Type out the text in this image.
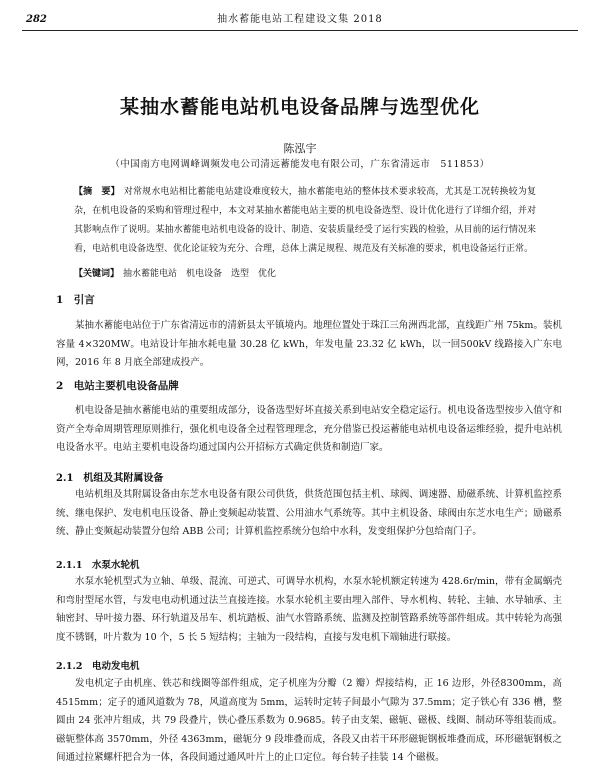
282	抽水蓄能电站工程建设文集 2018
某抽水蓄能电站机电设备品牌与选型优化
陈泓宇
（中国南方电网调峰调频发电公司清远蓄能发电有限公司，广东省清远市　511853）
【摘　要】 对常规水电站相比蓄能电站建设难度较大，抽水蓄能电站的整体技术要求较高，尤其是工况转换较为复杂，在机电设备的采购和管理过程中，本文对某抽水蓄能电站主要的机电设备选型、设计优化进行了详细介绍，并对其影响点作了说明。某抽水蓄能电站机电设备的设计、制造、安装质量经受了运行实践的检验，从目前的运行情况来看，电站机电设备选型、优化论证较为充分、合理，总体上满足规程、规范及有关标准的要求，机电设备运行正常。
【关键词】 抽水蓄能电站　机电设备　选型　优化
1　引言
某抽水蓄能电站位于广东省清远市的清新县太平镇境内。地理位置处于珠江三角洲西北部，直线距广州 75km。装机容量 4×320MW。电站设计年抽水耗电量 30.28 亿 kWh，年发电量 23.32 亿 kWh，以一回500kV 线路接入广东电网，2016 年 8 月底全部建成投产。
2　电站主要机电设备品牌
机电设备是抽水蓄能电站的重要组成部分，设备选型好坏直接关系到电站安全稳定运行。机电设备选型按步入值守和资产全寿命周期管理原则推行，强化机电设备全过程管理理念，充分借鉴已投运蓄能电站机电设备运维经验，提升电站机电设备水平。电站主要机电设备均通过国内公开招标方式确定供货和制造厂家。
2.1　机组及其附属设备
电站机组及其附属设备由东芝水电设备有限公司供货，供货范围包括主机、球阀、调速器、励磁系统、计算机监控系统、继电保护、发电机电压设备、静止变频起动装置、公用油水气系统等。其中主机设备、球阀由东芝水电生产；励磁系统、静止变频起动装置分包给 ABB 公司；计算机监控系统分包给中水科，发变组保护分包给南门子。
2.1.1　水泵水轮机
水泵水轮机型式为立轴、单级、混流、可逆式、可调导水机构，水泵水轮机额定转速为 428.6r/min，带有金属蜗壳和弯肘型尾水管，与发电电动机通过法兰直接连接。水泵水轮机主要由埋入部件、导水机构、转轮、主轴、水导轴承、主轴密封、导叶接力器、环行轨道及吊车、机坑踏板、油气水管路系统、监测及控制管路系统等部件组成。其中转轮为高强度不锈钢，叶片数为 10 个，5 长 5 短结构；主轴为一段结构，直接与发电机下端轴进行联接。
2.1.2　电动发电机
发电机定子由机座、铁芯和线圈等部件组成，定子机座为分瓣（2 瓣）焊接结构，正 16 边形，外径8300mm，高 4515mm；定子的通风道数为 78，风道高度为 5mm，运转时定转子间最小气隙为 37.5mm；定子铁心有 336 槽，整圆由 24 张冲片组成，共 79 段叠片，铁心叠压系数为 0.9685。转子由支架、磁轭、磁极、线圈、制动环等组装而成。磁轭整体高 3570mm，外径 4363mm，磁轭分 9 段堆叠而成，各段又由若干环形磁轭钢板堆叠而成，环形磁轭钢板之间通过拉紧螺杆把合为一体，各段间通过通风叶片上的止口定位。每台转子挂装 14 个磁极。
